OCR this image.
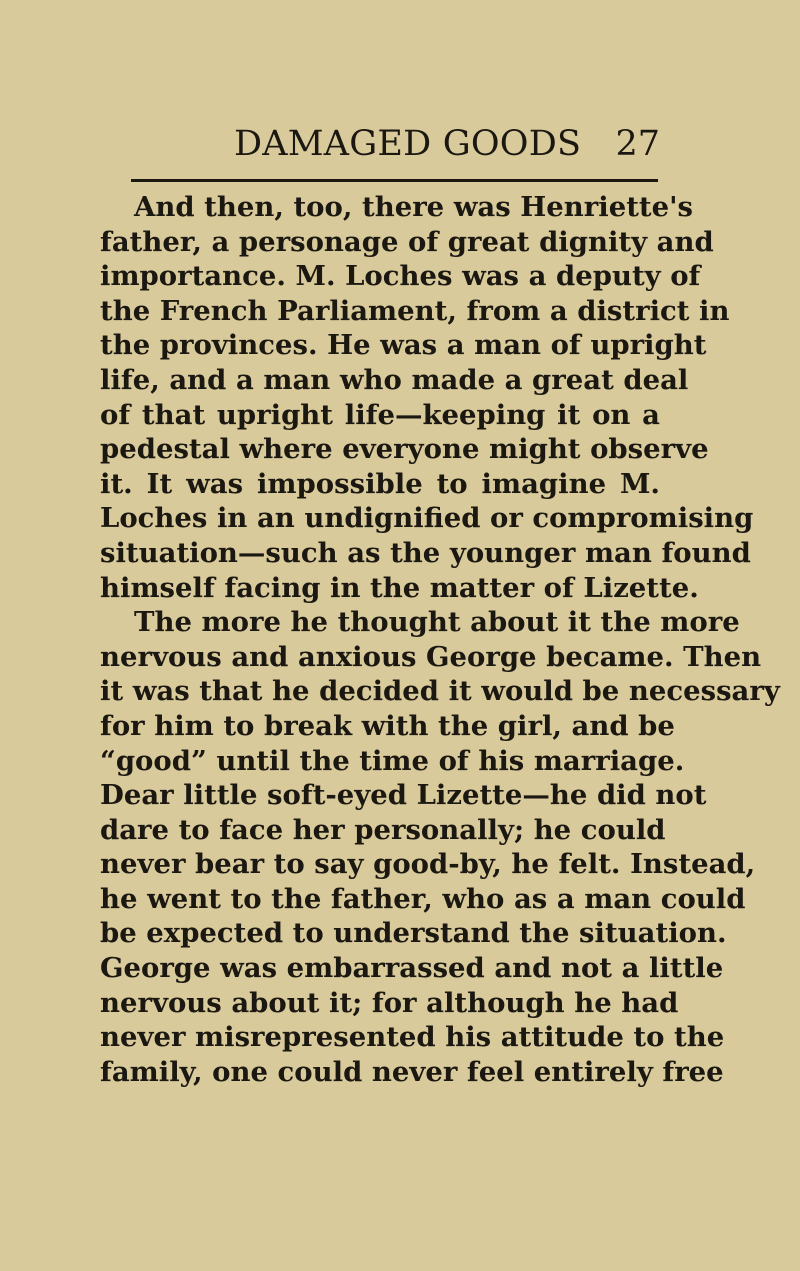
DAMAGED GOODS 27
And then, too, there was Henriette's
father, a personage of great dignity and
importance. M. Loches was a deputy of
the French Parliament, from a district in
the provinces. He was a man of upright
life, and a man who made a great deal
of that upright life—keeping it on a
pedestal where everyone might observe
it. It was impossible to imagine M.
Loches in an undignified or compromising
situation—such as the younger man found
himself facing in the matter of Lizette.
The more he thought about it the more
nervous and anxious George became. Then
it was that he decided it would be necessary
for him to break with the girl, and be
“good” until the time of his marriage.
Dear little soft-eyed Lizette—he did not
dare to face her personally; he could
never bear to say good-by, he felt. Instead,
he went to the father, who as a man could
be expected to understand the situation.
George was embarrassed and not a little
nervous about it; for although he had
never misrepresented his attitude to the
family, one could never feel entirely free
